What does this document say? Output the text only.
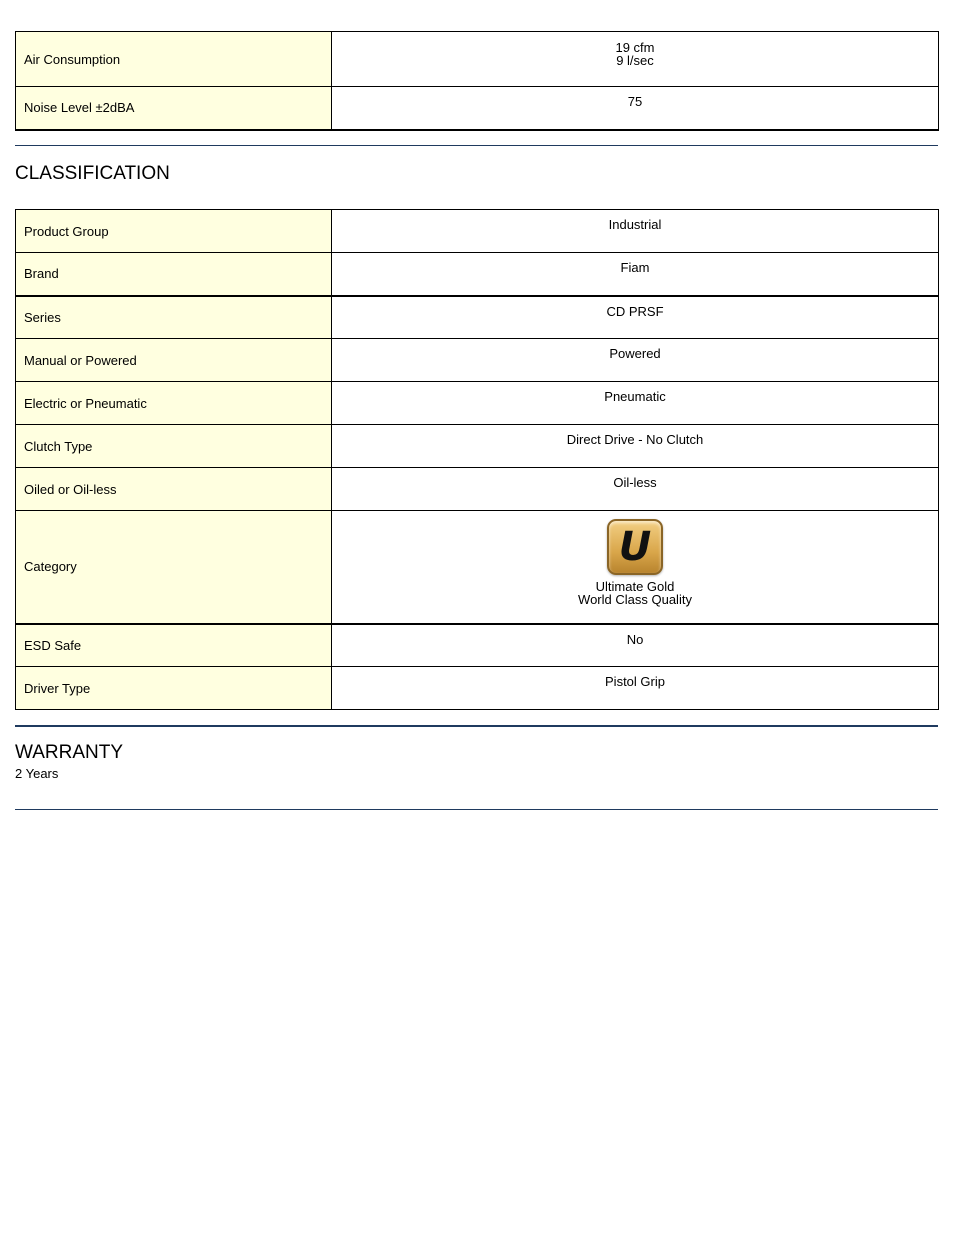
Air Consumption	19 cfm
9 l/sec

Noise Level ±2dBA	75
CLASSIFICATION
Product Group	Industrial
Brand	Fiam
Series	CD PRSF
Manual or Powered	Powered
Electric or Pneumatic	Pneumatic
Clutch Type	Direct Drive - No Clutch
Oiled or Oil-less	Oil-less
Category	U
Ultimate Gold
World Class Quality

ESD Safe	No
Driver Type	Pistol Grip
WARRANTY
2 Years
